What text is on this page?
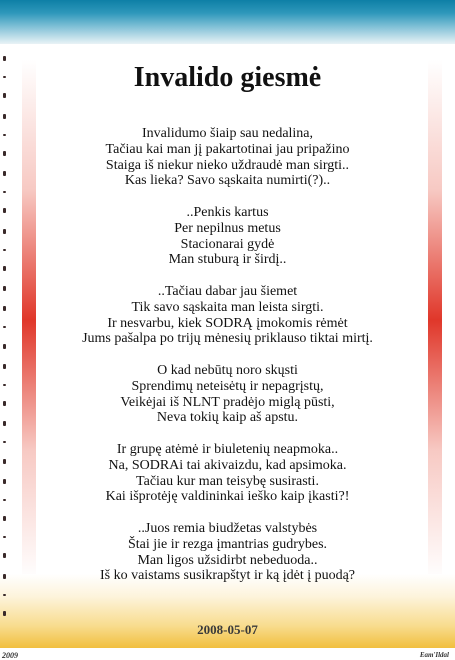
Invalido giesmė
Invalidumo šiaip sau nedalina,
Tačiau kai man jį pakartotinai jau pripažino
Staiga iš niekur nieko uždraudė man sirgti..
Kas lieka? Savo sąskaita numirti(?)..
..Penkis kartus
Per nepilnus metus
Stacionarai gydė
Man stuburą ir širdį..
..Tačiau dabar jau šiemet
Tik savo sąskaita man leista sirgti.
Ir nesvarbu, kiek SODRĄ įmokomis rėmėt
Jums pašalpa po trijų mėnesių priklauso tiktai mirtį.
O kad nebūtų noro skųsti
Sprendimų neteisėtų ir nepagrįstų,
Veikėjai iš NLNT pradėjo miglą pūsti,
Neva tokių kaip aš apstu.
Ir grupę atėmė ir biuletenių neapmoka..
Na, SODRAi tai akivaizdu, kad apsimoka.
Tačiau kur man teisybę susirasti.
Kai išprotėję valdininkai ieško kaip įkasti?!
..Juos remia biudžetas valstybės
Štai jie ir rezga įmantrias gudrybes.
Man ligos užsidirbt nebeduoda..
Iš ko vaistams susikrapštyt ir ką įdėt į puodą?
2008-05-07
2009	Eam'Ildal
